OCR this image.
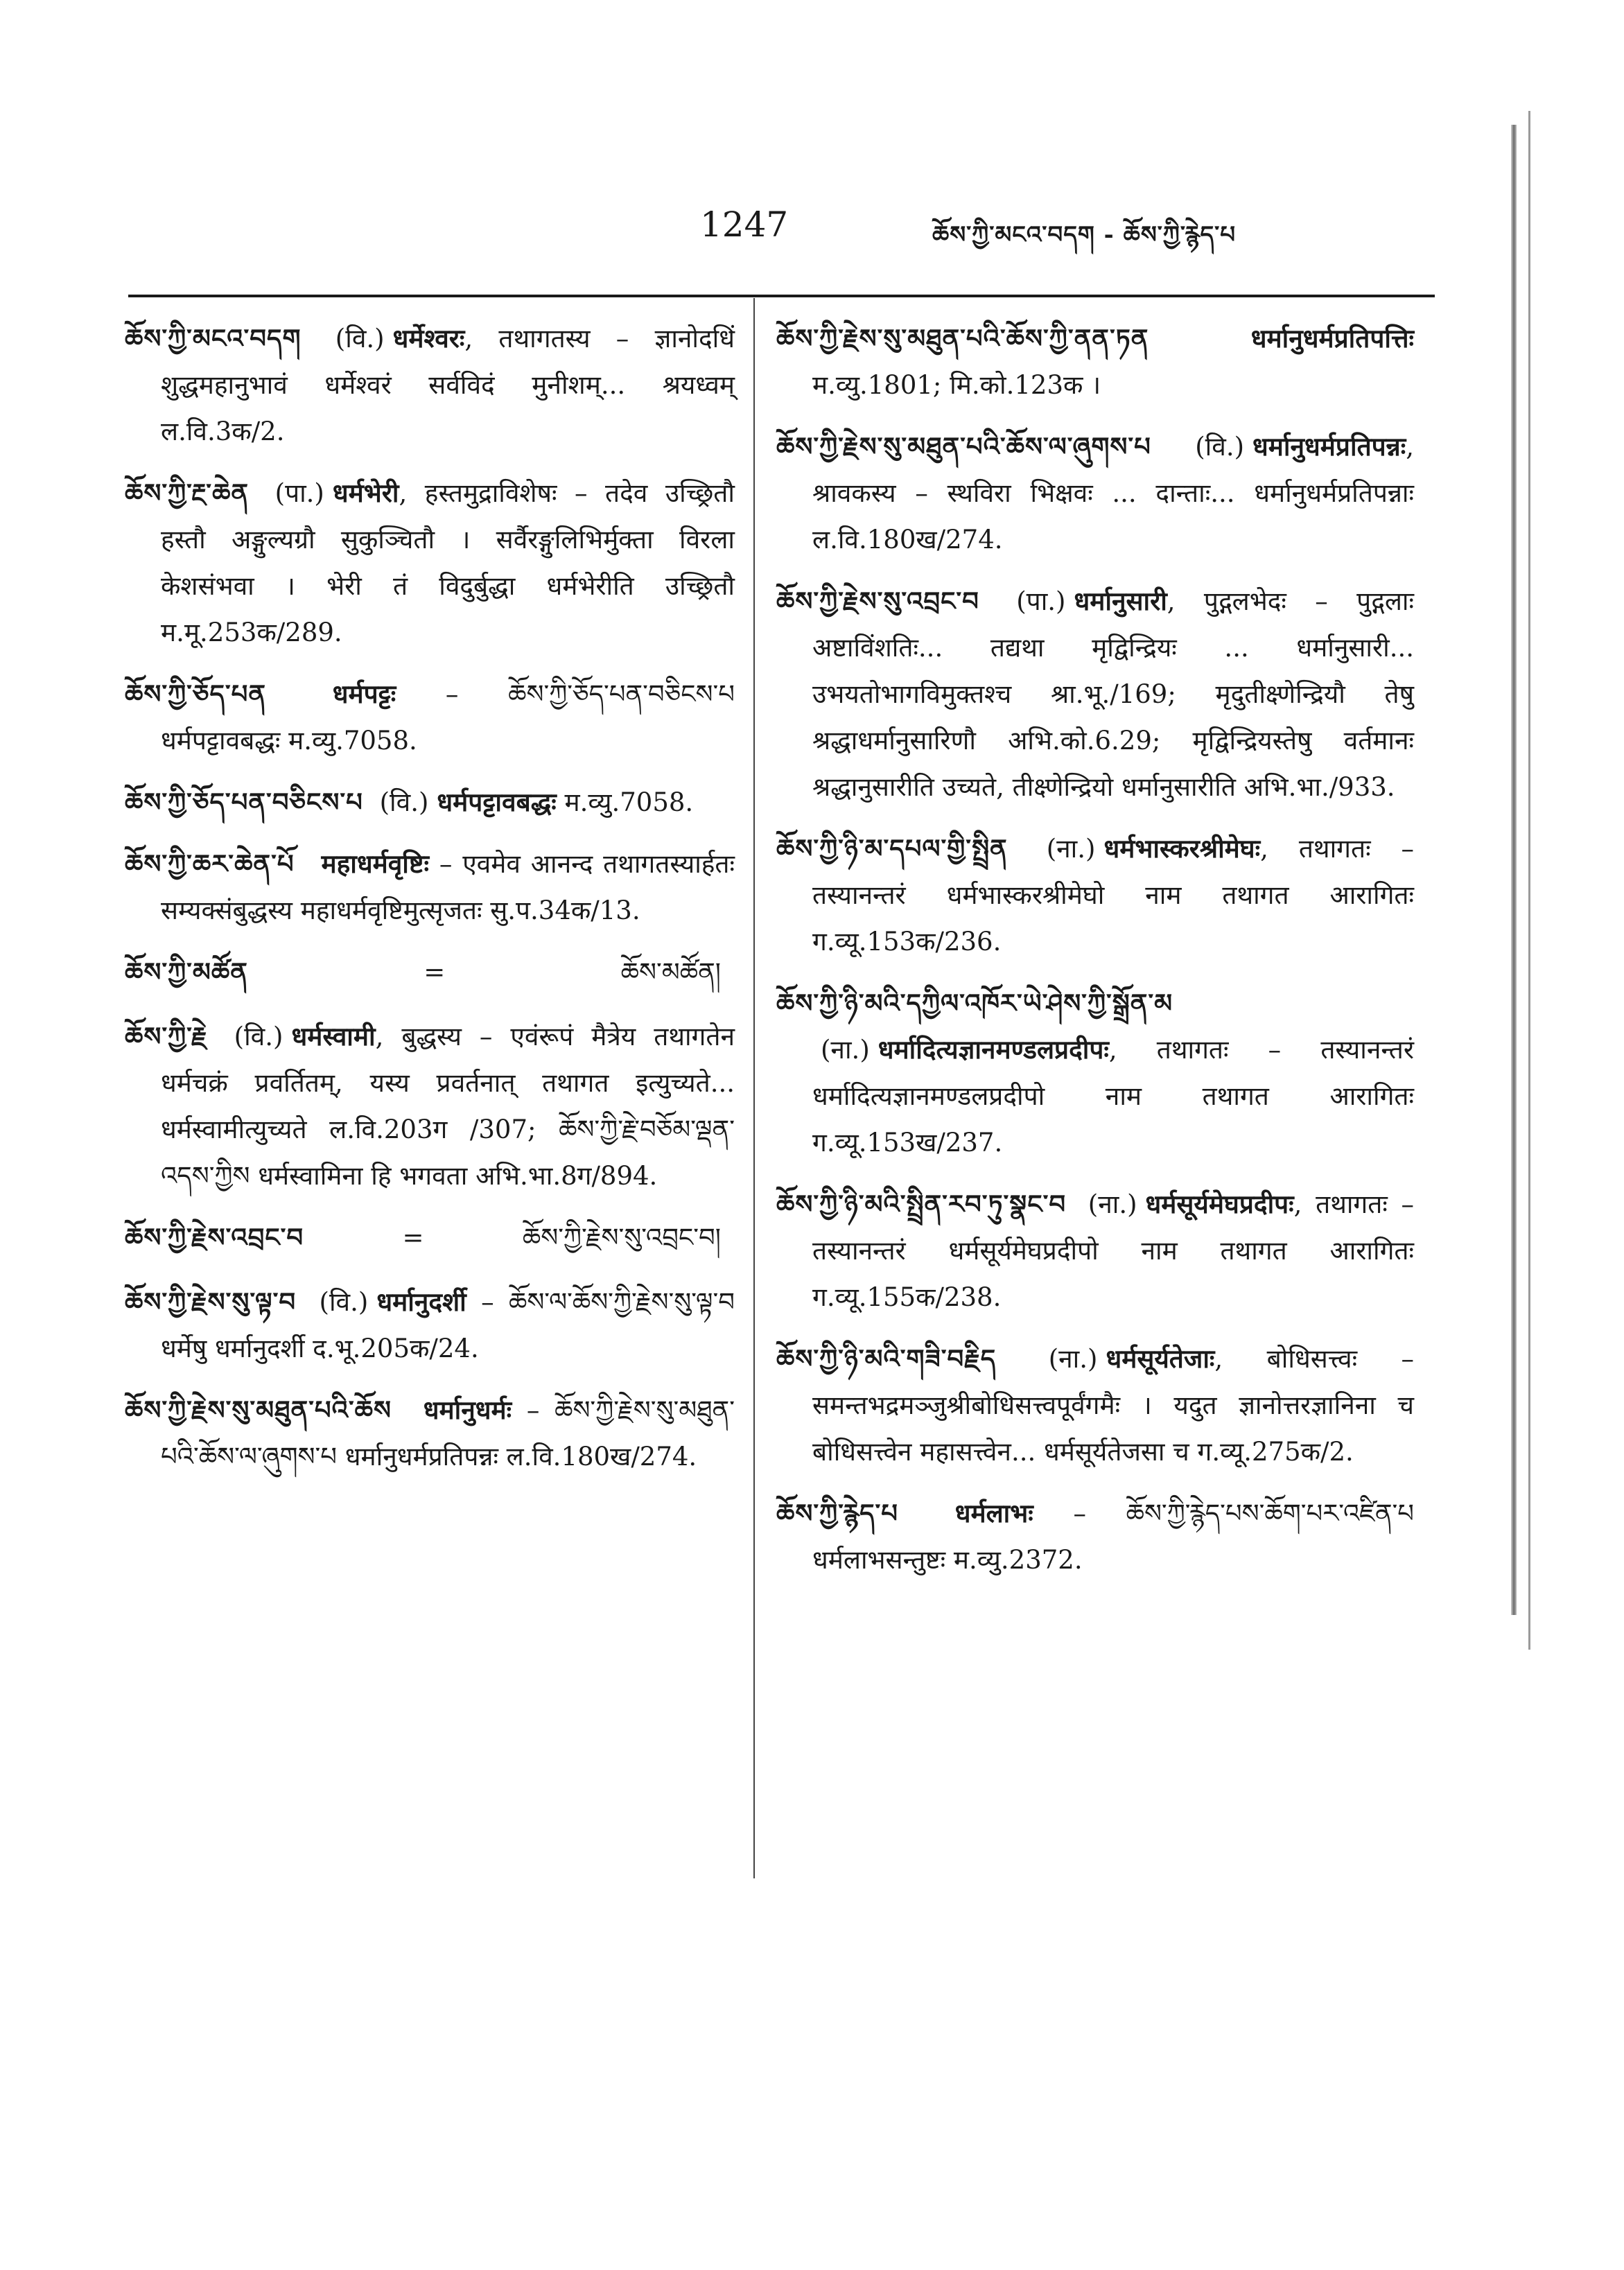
1247	ཆོས་ཀྱི་མངའ་བདག - ཆོས་ཀྱི་རྙེད་པ
ཆོས་ཀྱི་མངའ་བདག (वि.) धर्मेश्वरः, तथागतस्य – ज्ञानोदधिं शुद्धमहानुभावं धर्मेश्वरं सर्वविदं मुनीशम्... श्रयध्वम् ल.वि.3क/2.
ཆོས་ཀྱི་རྔ་ཆེན (पा.) धर्मभेरी, हस्तमुद्राविशेषः – तदेव उच्छ्रितौ हस्तौ अङ्गुल्यग्रौ सुकुञ्चितौ । सर्वैरङ्गुलिभिर्मुक्ता विरला केशसंभवा । भेरी तं विदुर्बुद्धा धर्मभेरीति उच्छ्रितौ म.मू.253क/289.
ཆོས་ཀྱི་ཅོད་པན	धर्मपट्टः – ཆོས་ཀྱི་ཅོད་པན་བཅིངས་པ धर्मपट्टावबद्धः म.व्यु.7058.
ཆོས་ཀྱི་ཅོད་པན་བཅིངས་པ (वि.) धर्मपट्टावबद्धः म.व्यु.7058.
ཆོས་ཀྱི་ཆར་ཆེན་པོ महाधर्मवृष्टिः – एवमेव आनन्द तथागतस्यार्हतः सम्यक्संबुद्धस्य महाधर्मवृष्टिमुत्सृजतः सु.प.34क/13.
ཆོས་ཀྱི་མཚོན	=	ཆོས་མཚོན།
ཆོས་ཀྱི་རྗེ (वि.) धर्मस्वामी, बुद्धस्य – एवंरूपं मैत्रेय तथागतेन धर्मचक्रं प्रवर्तितम्, यस्य प्रवर्तनात् तथागत इत्युच्यते... धर्मस्वामीत्युच्यते ल.वि.203ग /307; ཆོས་ཀྱི་རྗེ་བཅོམ་ལྡན་འདས་ཀྱིས धर्मस्वामिना हि भगवता अभि.भा.8ग/894.
ཆོས་ཀྱི་རྗེས་འབྲང་བ	=	ཆོས་ཀྱི་རྗེས་སུ་འབྲང་བ།
ཆོས་ཀྱི་རྗེས་སུ་ལྟ་བ (वि.) धर्मानुदर्शी – ཆོས་ལ་ཆོས་ཀྱི་རྗེས་སུ་ལྟ་བ धर्मेषु धर्मानुदर्शी द.भू.205क/24.
ཆོས་ཀྱི་རྗེས་སུ་མཐུན་པའི་ཆོས धर्मानुधर्मः – ཆོས་ཀྱི་རྗེས་སུ་མཐུན་པའི་ཆོས་ལ་ཞུགས་པ धर्मानुधर्मप्रतिपन्नः ल.वि.180ख/274.
ཆོས་ཀྱི་རྗེས་སུ་མཐུན་པའི་ཆོས་ཀྱི་ནན་ཏན	धर्मानुधर्मप्रतिपत्तिः म.व्यु.1801; मि.को.123क ।
ཆོས་ཀྱི་རྗེས་སུ་མཐུན་པའི་ཆོས་ལ་ཞུགས་པ (वि.) धर्मानुधर्मप्रतिपन्नः, श्रावकस्य – स्थविरा भिक्षवः ... दान्ताः... धर्मानुधर्मप्रतिपन्नाः ल.वि.180ख/274.
ཆོས་ཀྱི་རྗེས་སུ་འབྲང་བ (पा.) धर्मानुसारी, पुद्गलभेदः – पुद्गलाः अष्टाविंशतिः... तद्यथा मृद्विन्द्रियः ... धर्मानुसारी... उभयतोभागविमुक्तश्च श्रा.भू./169; मृदुतीक्ष्णेन्द्रियौ तेषु श्रद्धाधर्मानुसारिणौ अभि.को.6.29; मृद्विन्द्रियस्तेषु वर्तमानः श्रद्धानुसारीति उच्यते, तीक्ष्णेन्द्रियो धर्मानुसारीति अभि.भा./933.
ཆོས་ཀྱི་ཉི་མ་དཔལ་གྱི་སྤྲིན (ना.) धर्मभास्करश्रीमेघः, तथागतः – तस्यानन्तरं धर्मभास्करश्रीमेघो नाम तथागत आरागितः ग.व्यू.153क/236.
ཆོས་ཀྱི་ཉི་མའི་དཀྱིལ་འཁོར་ཡེ་ཤེས་ཀྱི་སྒྲོན་མ (ना.) धर्मादित्यज्ञानमण्डलप्रदीपः, तथागतः – तस्यानन्तरं धर्मादित्यज्ञानमण्डलप्रदीपो नाम तथागत आरागितः ग.व्यू.153ख/237.
ཆོས་ཀྱི་ཉི་མའི་སྤྲིན་རབ་ཏུ་སྣང་བ (ना.) धर्मसूर्यमेघप्रदीपः, तथागतः – तस्यानन्तरं धर्मसूर्यमेघप्रदीपो नाम तथागत आरागितः ग.व्यू.155क/238.
ཆོས་ཀྱི་ཉི་མའི་གཟི་བརྗིད (ना.) धर्मसूर्यतेजाः, बोधिसत्त्वः – समन्तभद्रमञ्जुश्रीबोधिसत्त्वपूर्वंगमैः । यदुत ज्ञानोत्तरज्ञानिना च बोधिसत्त्वेन महासत्त्वेन... धर्मसूर्यतेजसा च ग.व्यू.275क/2.
ཆོས་ཀྱི་རྙེད་པ धर्मलाभः – ཆོས་ཀྱི་རྙེད་པས་ཆོག་པར་འཛིན་པ धर्मलाभसन्तुष्टः म.व्यु.2372.
